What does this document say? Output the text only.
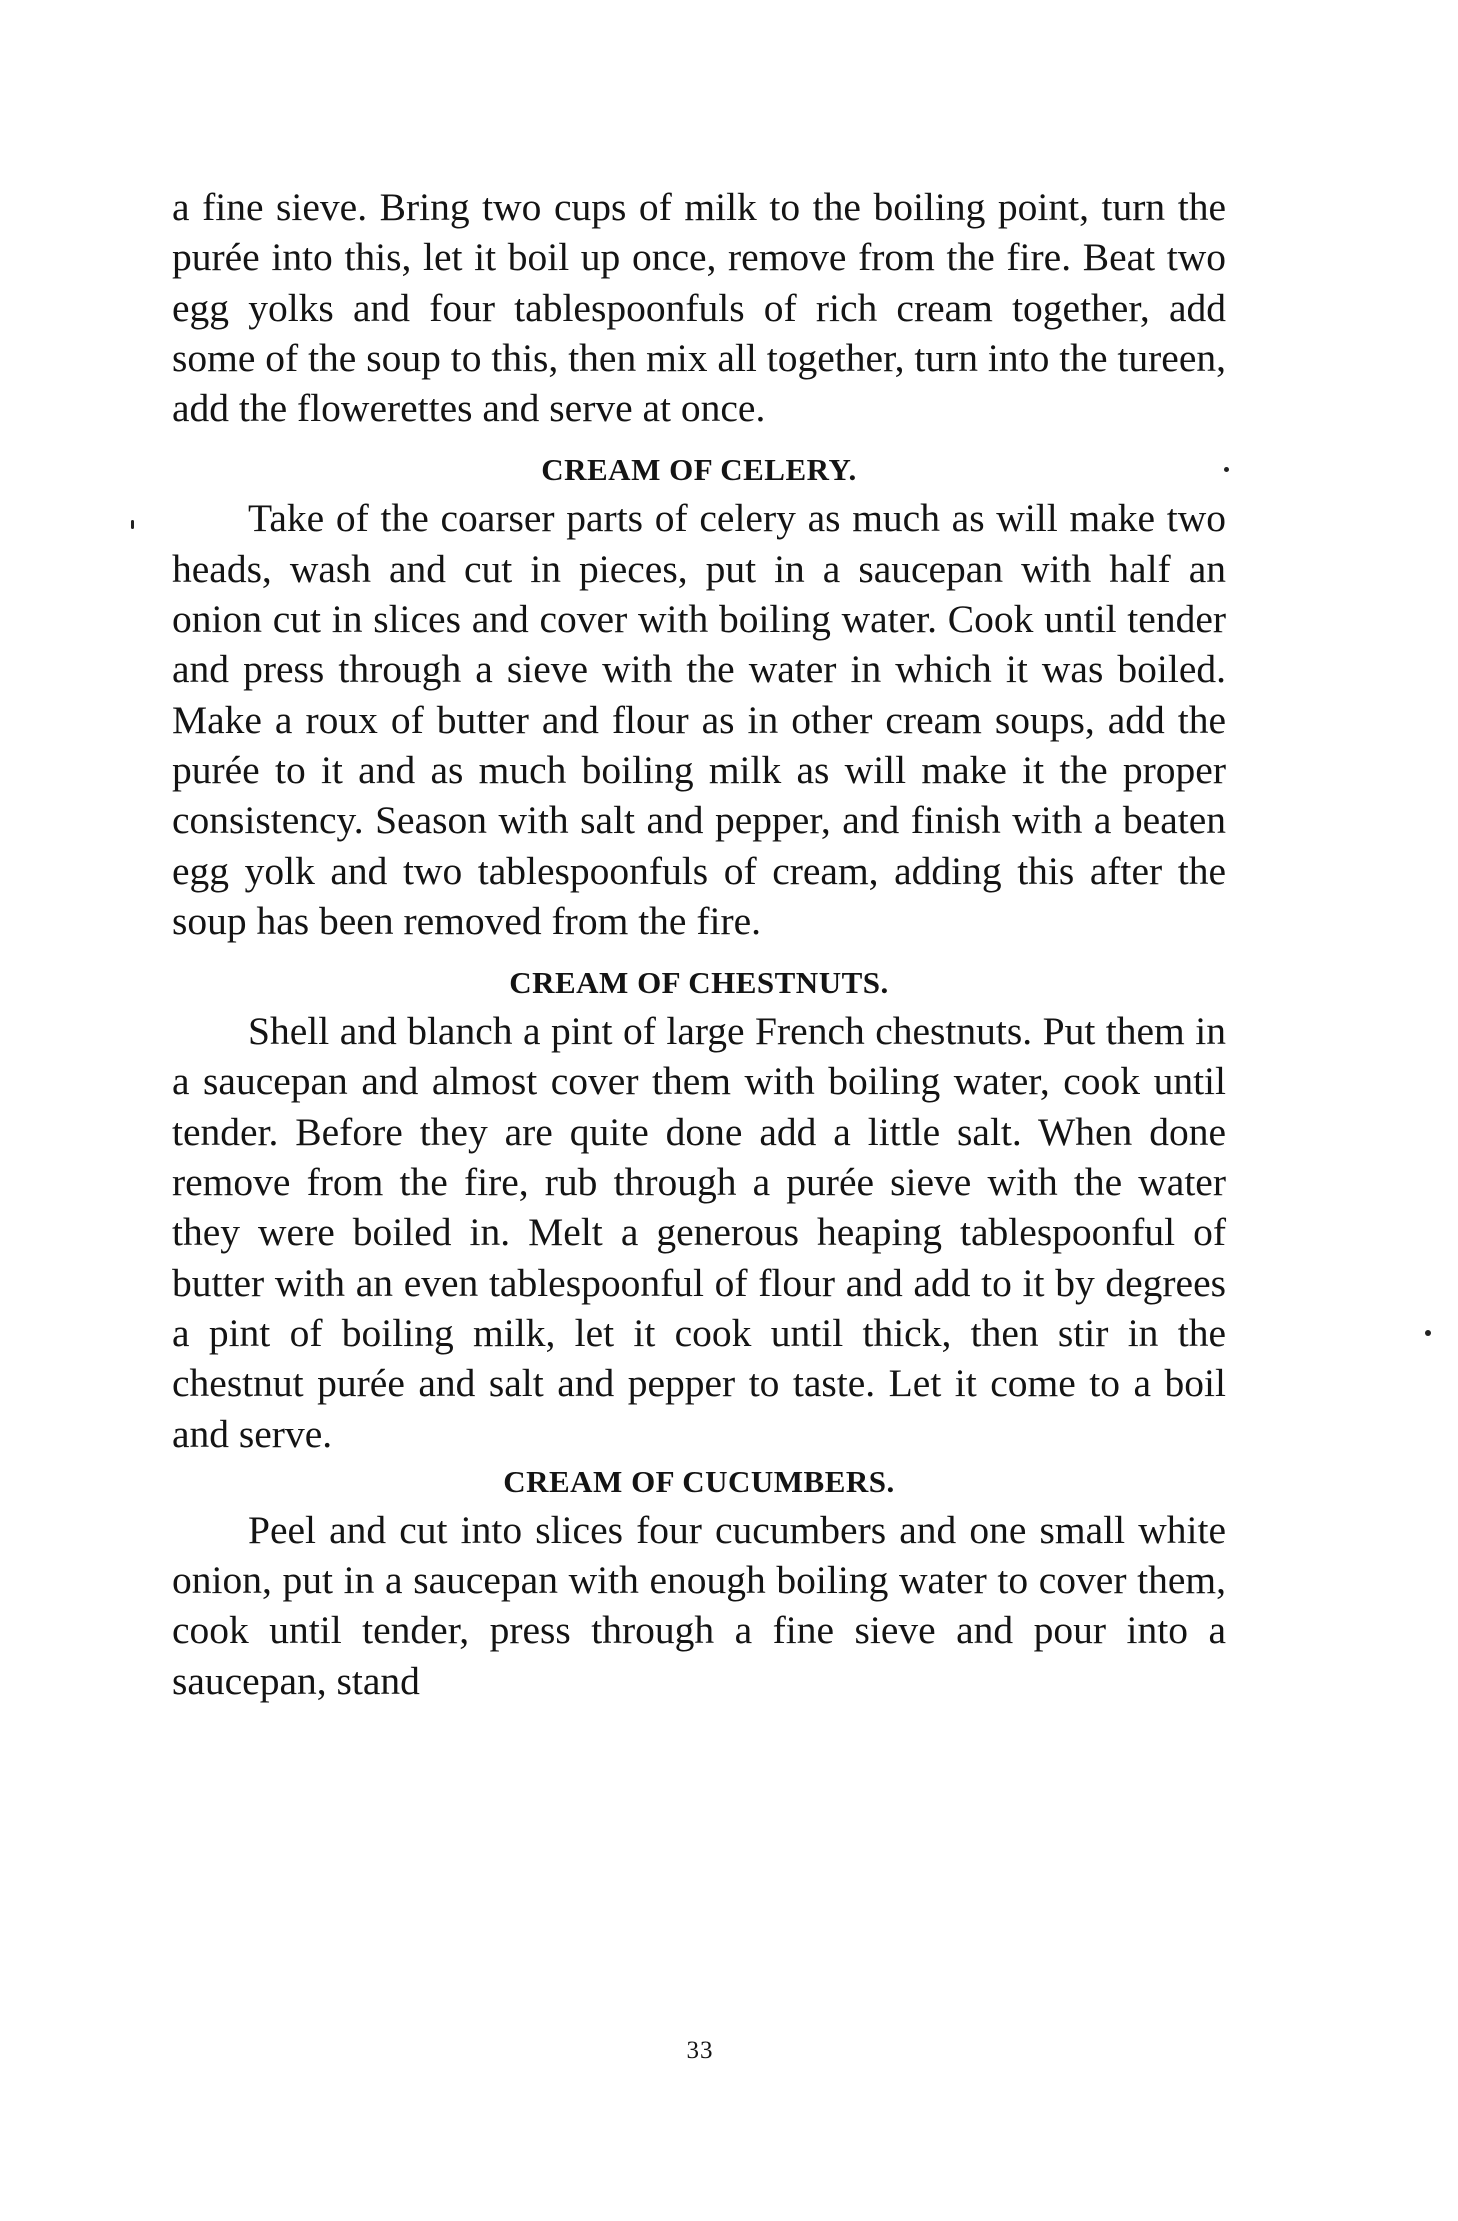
a fine sieve. Bring two cups of milk to the boiling point, turn the purée into this, let it boil up once, remove from the fire. Beat two egg yolks and four tablespoonfuls of rich cream together, add some of the soup to this, then mix all together, turn into the tureen, add the flowerettes and serve at once.

CREAM OF CELERY.

Take of the coarser parts of celery as much as will make two heads, wash and cut in pieces, put in a saucepan with half an onion cut in slices and cover with boiling water. Cook until tender and press through a sieve with the water in which it was boiled. Make a roux of butter and flour as in other cream soups, add the purée to it and as much boiling milk as will make it the proper consistency. Season with salt and pepper, and finish with a beaten egg yolk and two tablespoonfuls of cream, adding this after the soup has been removed from the fire.

CREAM OF CHESTNUTS.

Shell and blanch a pint of large French chestnuts. Put them in a saucepan and almost cover them with boiling water, cook until tender. Before they are quite done add a little salt. When done remove from the fire, rub through a purée sieve with the water they were boiled in. Melt a generous heaping tablespoonful of butter with an even tablespoonful of flour and add to it by degrees a pint of boiling milk, let it cook until thick, then stir in the chestnut purée and salt and pepper to taste. Let it come to a boil and serve.

CREAM OF CUCUMBERS.

Peel and cut into slices four cucumbers and one small white onion, put in a saucepan with enough boiling water to cover them, cook until tender, press through a fine sieve and pour into a saucepan, stand

33
